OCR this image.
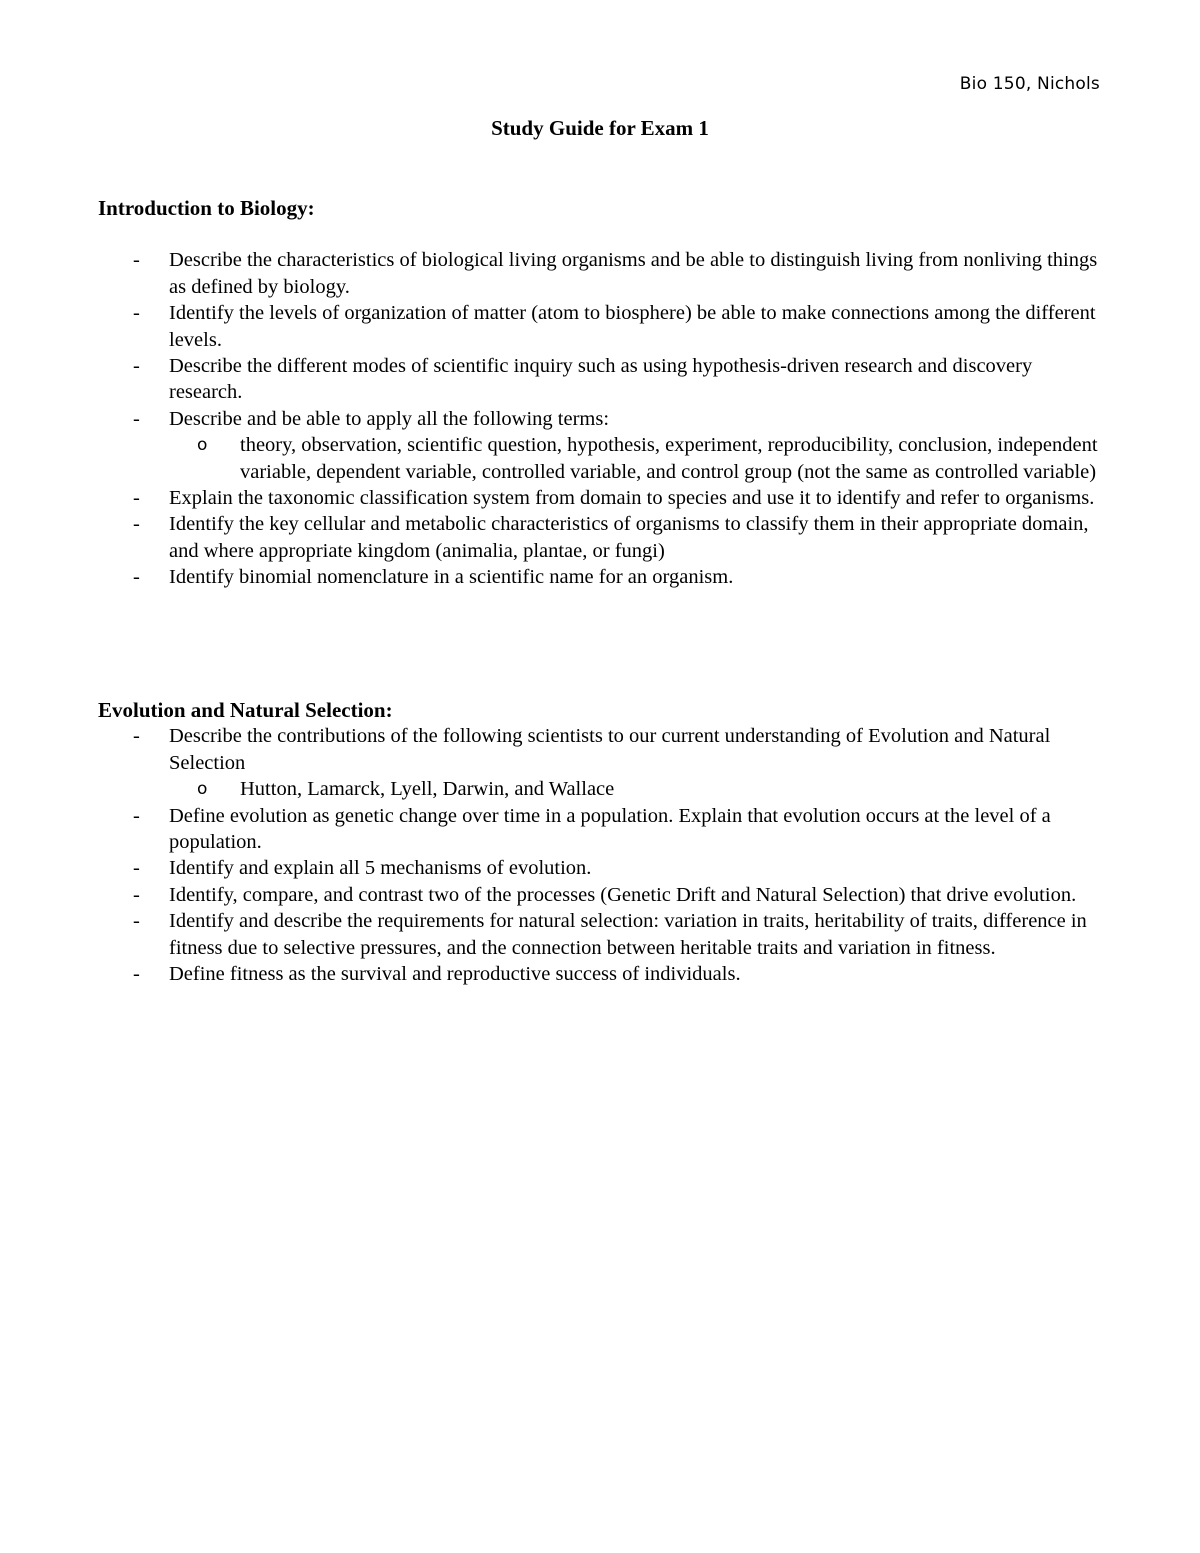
Bio 150, Nichols
Study Guide for Exam 1
Introduction to Biology:
- Describe the characteristics of biological living organisms and be able to distinguish living from nonliving things as defined by biology.
- Identify the levels of organization of matter (atom to biosphere) be able to make connections among the different levels.
- Describe the different modes of scientific inquiry such as using hypothesis-driven research and discovery research.
- Describe and be able to apply all the following terms:
o theory, observation, scientific question, hypothesis, experiment, reproducibility, conclusion, independent variable, dependent variable, controlled variable, and control group (not the same as controlled variable)
- Explain the taxonomic classification system from domain to species and use it to identify and refer to organisms.
- Identify the key cellular and metabolic characteristics of organisms to classify them in their appropriate domain, and where appropriate kingdom (animalia, plantae, or fungi)
- Identify binomial nomenclature in a scientific name for an organism.
Evolution and Natural Selection:
- Describe the contributions of the following scientists to our current understanding of Evolution and Natural Selection
o Hutton, Lamarck, Lyell, Darwin, and Wallace
- Define evolution as genetic change over time in a population. Explain that evolution occurs at the level of a population.
- Identify and explain all 5 mechanisms of evolution.
- Identify, compare, and contrast two of the processes (Genetic Drift and Natural Selection) that drive evolution.
- Identify and describe the requirements for natural selection: variation in traits, heritability of traits, difference in fitness due to selective pressures, and the connection between heritable traits and variation in fitness.
- Define fitness as the survival and reproductive success of individuals.
